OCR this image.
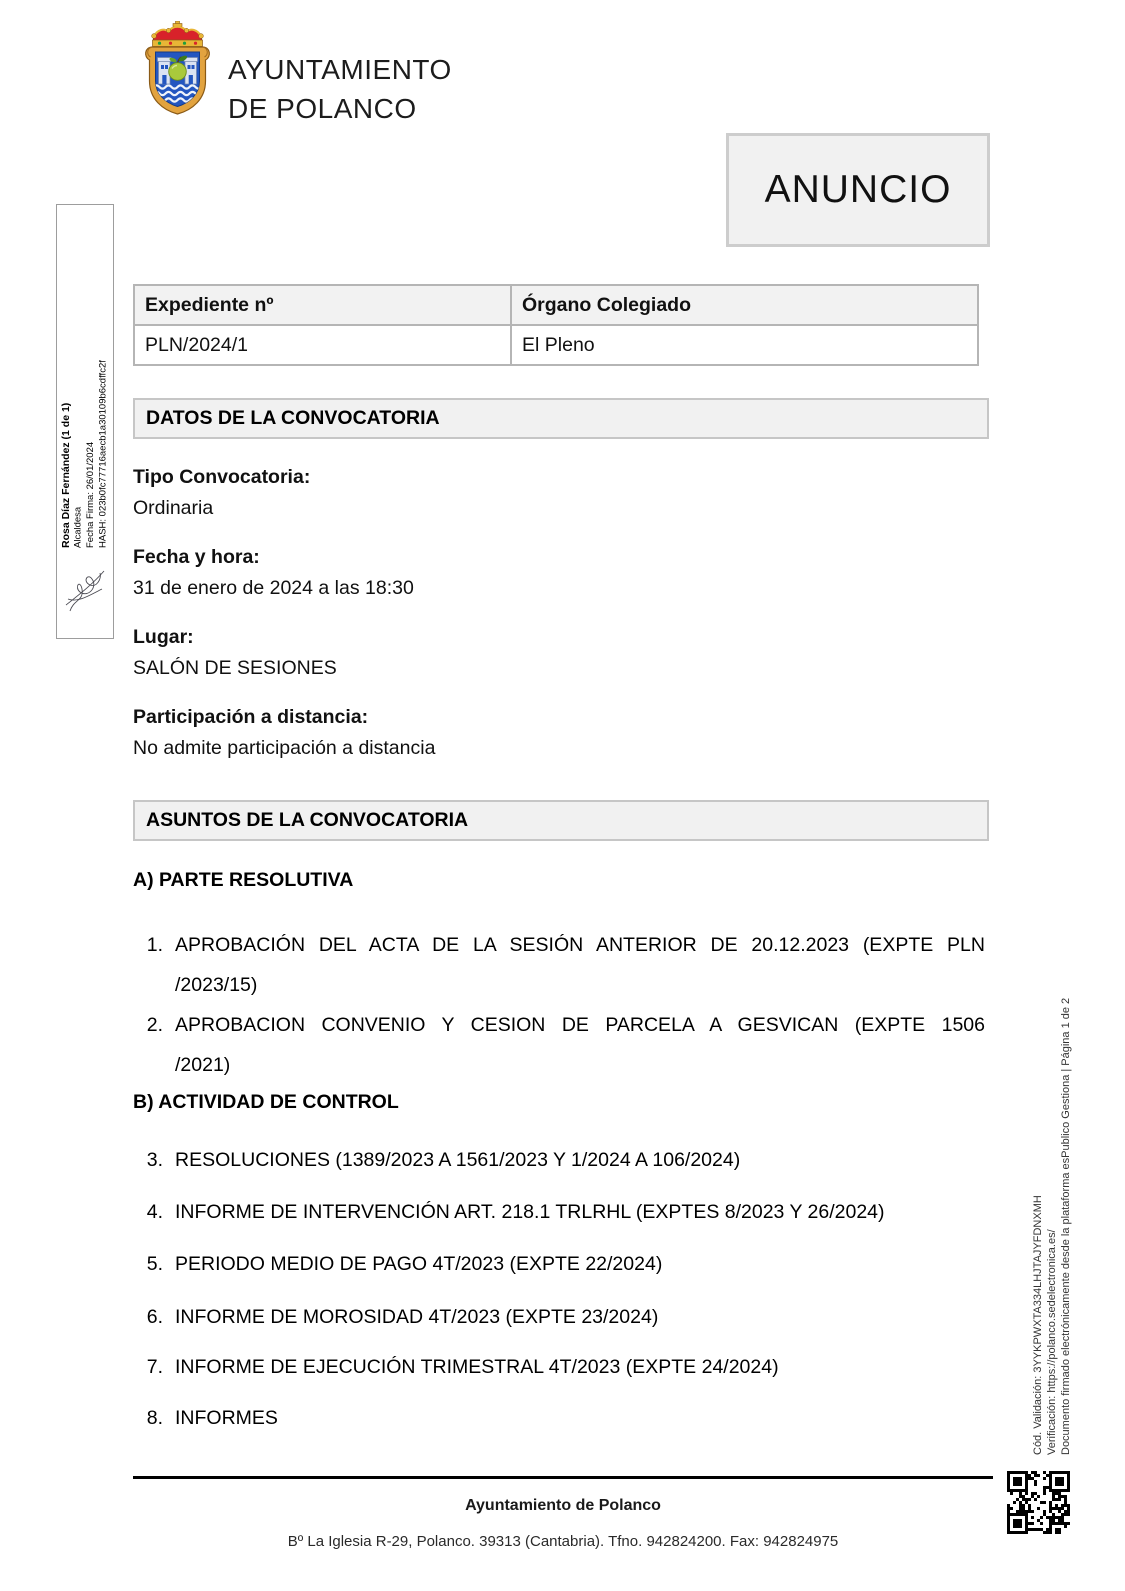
AYUNTAMIENTO
DE POLANCO
ANUNCIO
Expediente nº	Órgano Colegiado
PLN/2024/1	El Pleno
DATOS DE LA CONVOCATORIA
Tipo Convocatoria:
Ordinaria
Fecha y hora:
31 de enero de 2024 a las 18:30
Lugar:
SALÓN DE SESIONES
Participación a distancia:
No admite participación a distancia
ASUNTOS DE LA CONVOCATORIA
A) PARTE RESOLUTIVA
1. APROBACIÓN DEL ACTA DE LA SESIÓN ANTERIOR DE 20.12.2023 (EXPTE PLN
/2023/15)
2. APROBACION CONVENIO Y CESION DE PARCELA A GESVICAN (EXPTE 1506
/2021)
B) ACTIVIDAD DE CONTROL
3. RESOLUCIONES (1389/2023 A 1561/2023 Y 1/2024 A 106/2024)
4. INFORME DE INTERVENCIÓN ART. 218.1 TRLRHL (EXPTES 8/2023 Y 26/2024)
5. PERIODO MEDIO DE PAGO 4T/2023 (EXPTE 22/2024)
6. INFORME DE MOROSIDAD 4T/2023 (EXPTE 23/2024)
7. INFORME DE EJECUCIÓN TRIMESTRAL 4T/2023 (EXPTE 24/2024)
8. INFORMES
Ayuntamiento de Polanco
Bº La Iglesia R-29, Polanco. 39313 (Cantabria). Tfno. 942824200. Fax: 942824975
Rosa Díaz Fernández (1 de 1) Alcaldesa Fecha Firma: 26/01/2024 HASH: 023b0fc77716aecb1a30109b6cdffc2f
Cód. Validación: 3YYKPWXTA334LHJTAJYFDNXMH Verificación: https://polanco.sedelectronica.es/ Documento firmado electrónicamente desde la plataforma esPublico Gestiona | Página 1 de 2
